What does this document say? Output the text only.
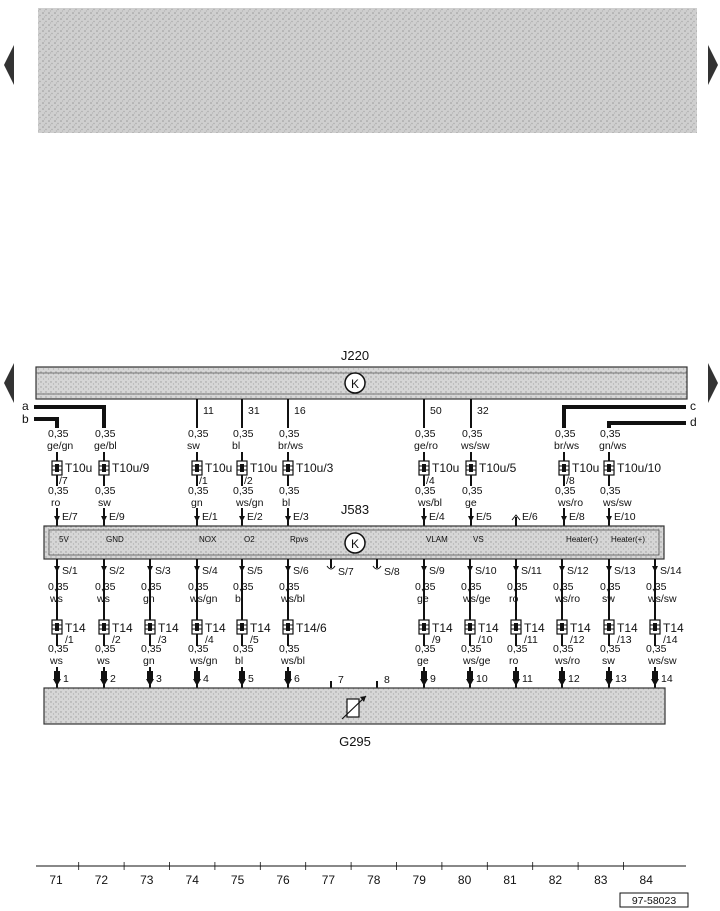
J220
K
a
b
c
d
11	31	16	50	32
0,35
ge/gn
T10u
/7
0,35
ro
E/7
0,35
ge/bl
T10u/9
0,35
sw
E/9
0,35
sw
T10u
/1
0,35
gn
E/1
0,35
bl
T10u
/2
0,35
ws/gn
E/2
0,35
br/ws
T10u/3
0,35
bl
E/3
0,35
ge/ro
T10u
/4
0,35
ws/bl
E/4
0,35
ws/sw
T10u/5
0,35
ge
E/5
0,35
br/ws
T10u
/8
0,35
ws/ro
E/8
0,35
gn/ws
T10u/10
0,35
ws/sw
E/10
J583
K
5V	GND	NOX	O2	Rpvs	VLAM	VS	Heater(-) Heater(+)
E/6
S/1
0,35
ws
T14
/1
0,35
ws
1
S/2
0,35
ws
T14
/2
0,35
ws
2
S/3
0,35
gn
T14
/3
0,35
gn
3
S/4
0,35
ws/gn
T14
/4
0,35
ws/gn
4
S/5
0,35
bl
T14
/5
0,35
bl
5
S/6
0,35
ws/bl
T14/6
0,35
ws/bl
6
S/9
0,35
ge
T14
/9
0,35
ge
9
S/10
0,35
ws/ge
T14
/10
0,35
ws/ge
10
S/11
0,35
ro
T14
/11
0,35
ro
11
S/12
0,35
ws/ro
T14
/12
0,35
ws/ro
12
S/13
0,35
sw
T14
/13
0,35
sw
13
S/14
0,35
ws/sw
T14
/14
0,35
ws/sw
14
S/7	S/8
7	8
G295
71	72	73	74	75	76	77	78	79	80	81	82	83	84
97-58023
